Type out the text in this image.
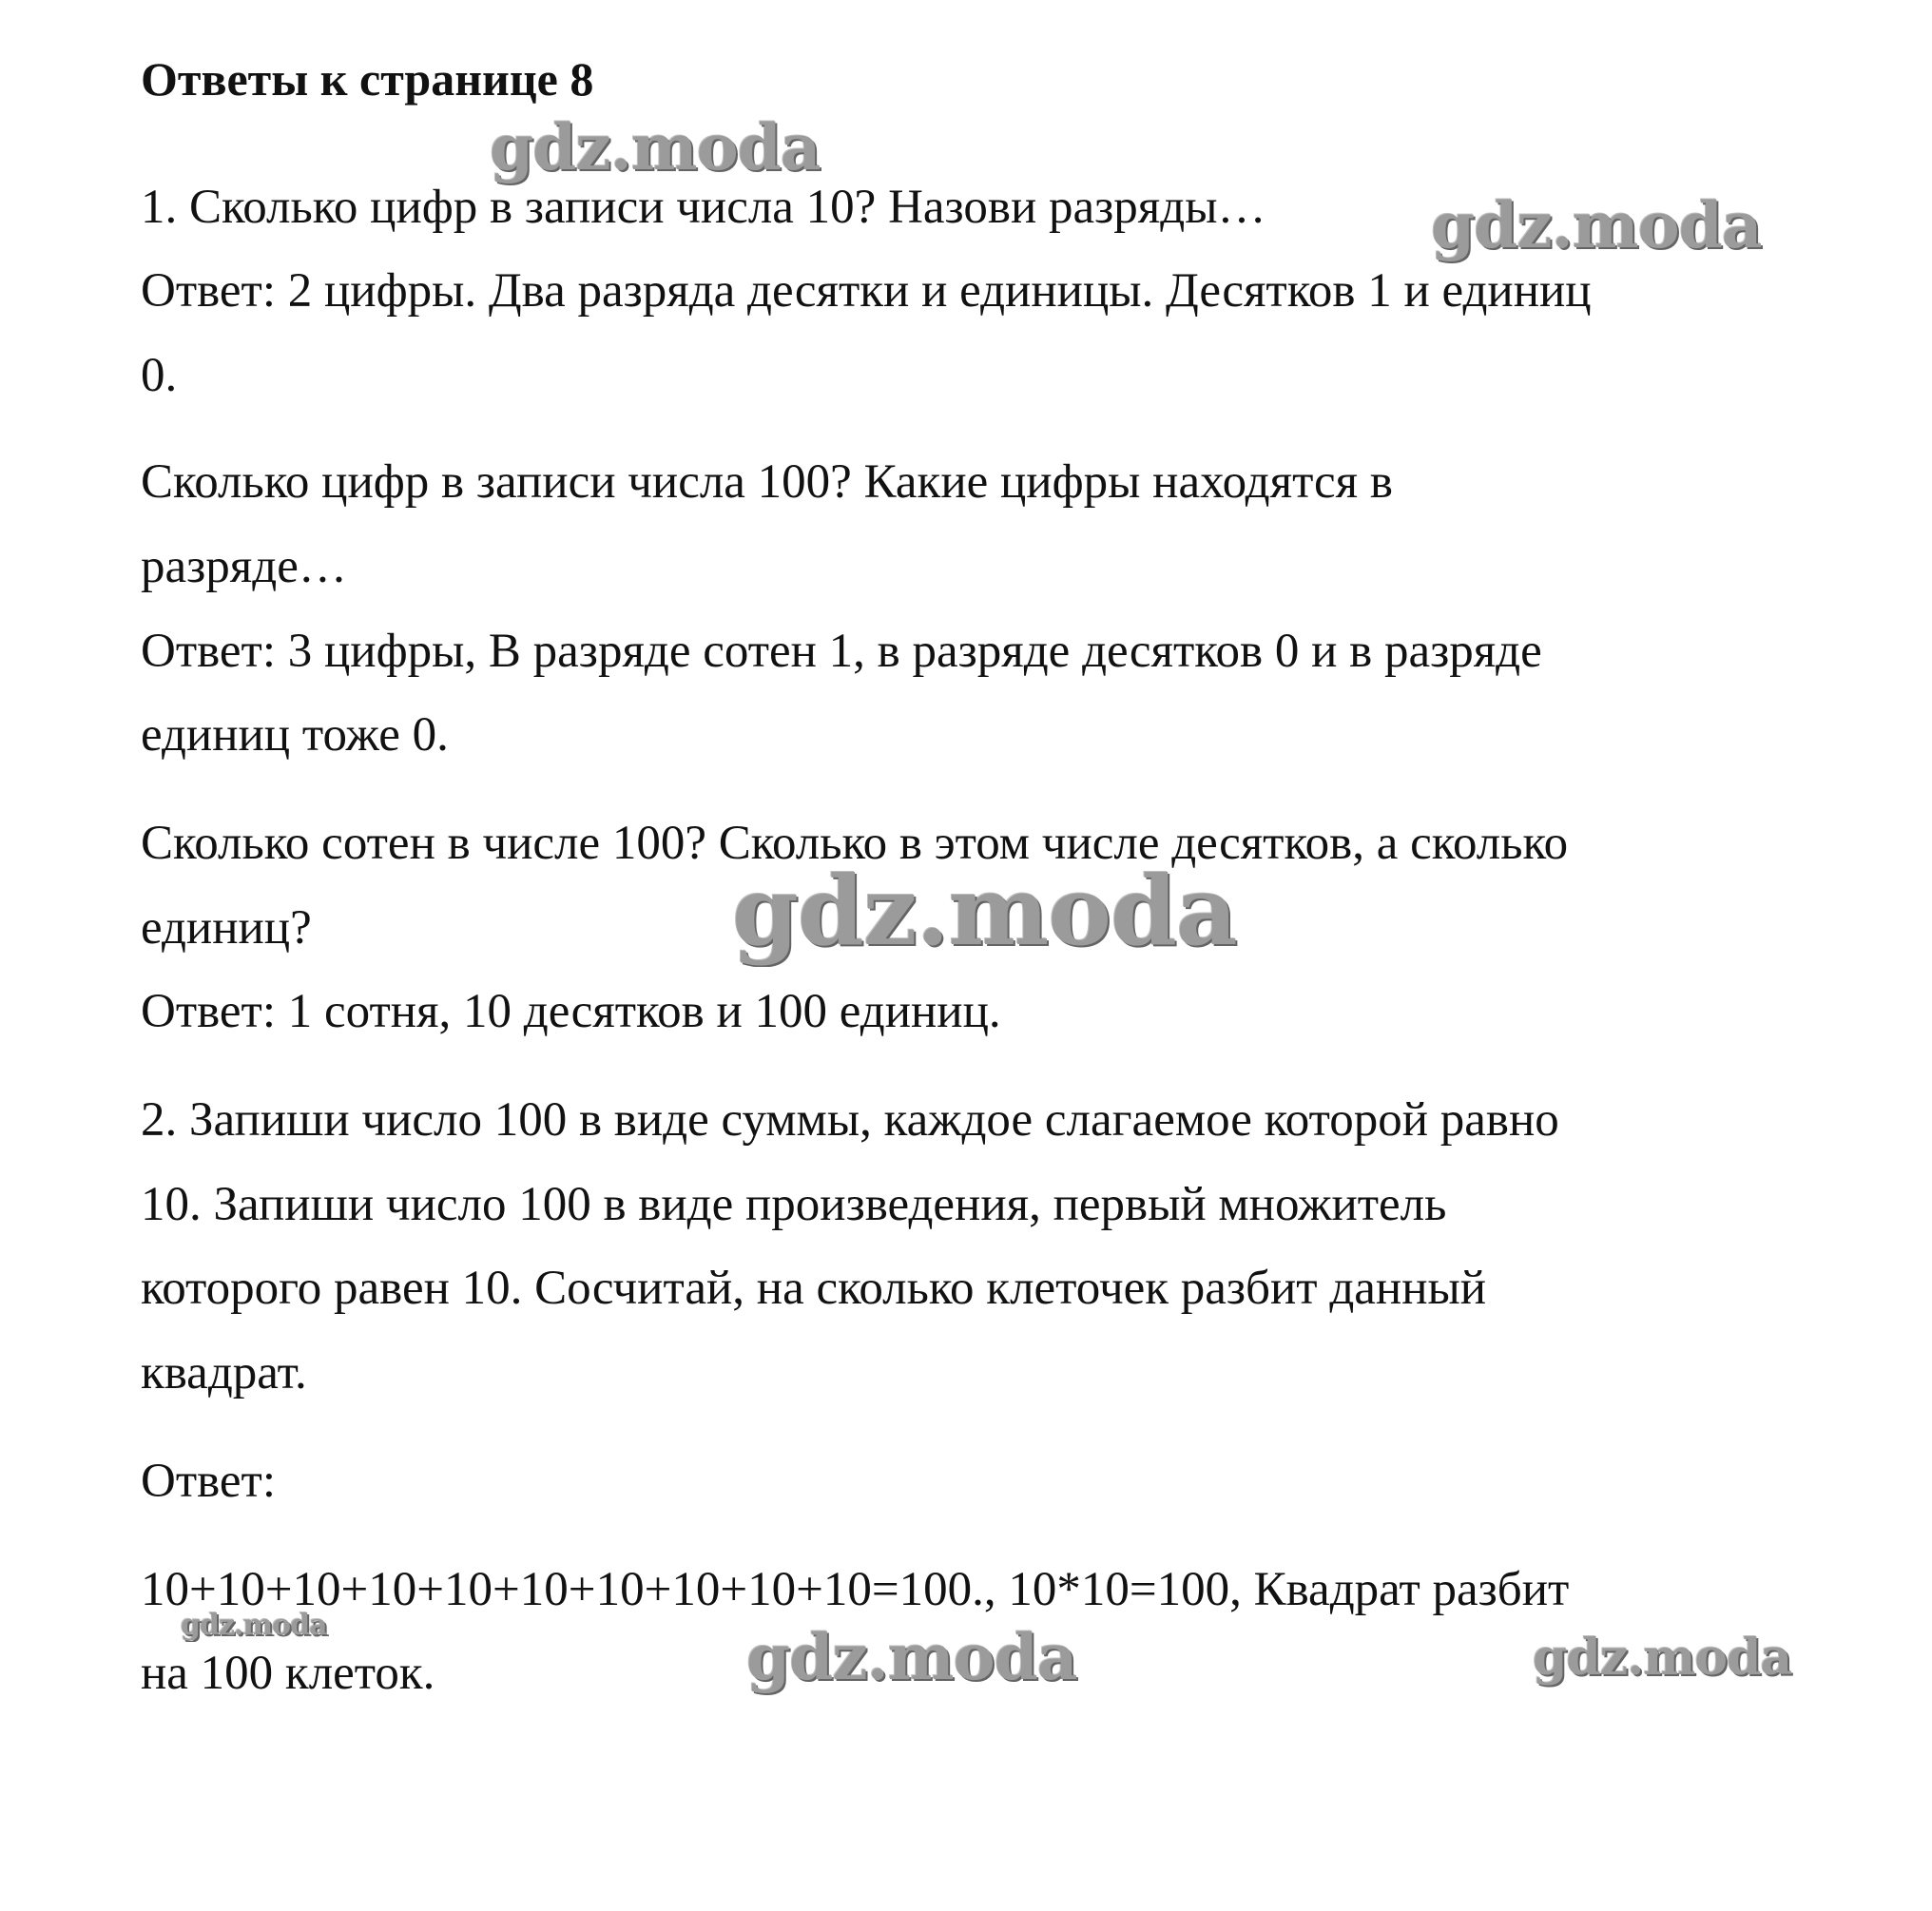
Ответы к странице 8
1. Сколько цифр в записи числа 10? Назови разряды…
Ответ: 2 цифры. Два разряда десятки и единицы. Десятков 1 и единиц
0.
Сколько цифр в записи числа 100? Какие цифры находятся в
разряде…
Ответ: 3 цифры, В разряде сотен 1, в разряде десятков 0 и в разряде
единиц тоже 0.
Сколько сотен в числе 100? Сколько в этом числе десятков, а сколько
единиц?
Ответ: 1 сотня, 10 десятков и 100 единиц.
2. Запиши число 100 в виде суммы, каждое слагаемое которой равно
10. Запиши число 100 в виде произведения, первый множитель
которого равен 10. Сосчитай, на сколько клеточек разбит данный
квадрат.
Ответ:
10+10+10+10+10+10+10+10+10+10=100., 10*10=100, Квадрат разбит
на 100 клеток.
gdz.moda
gdz.moda
gdz.moda
gdz.moda	gdz.moda	gdz.moda
